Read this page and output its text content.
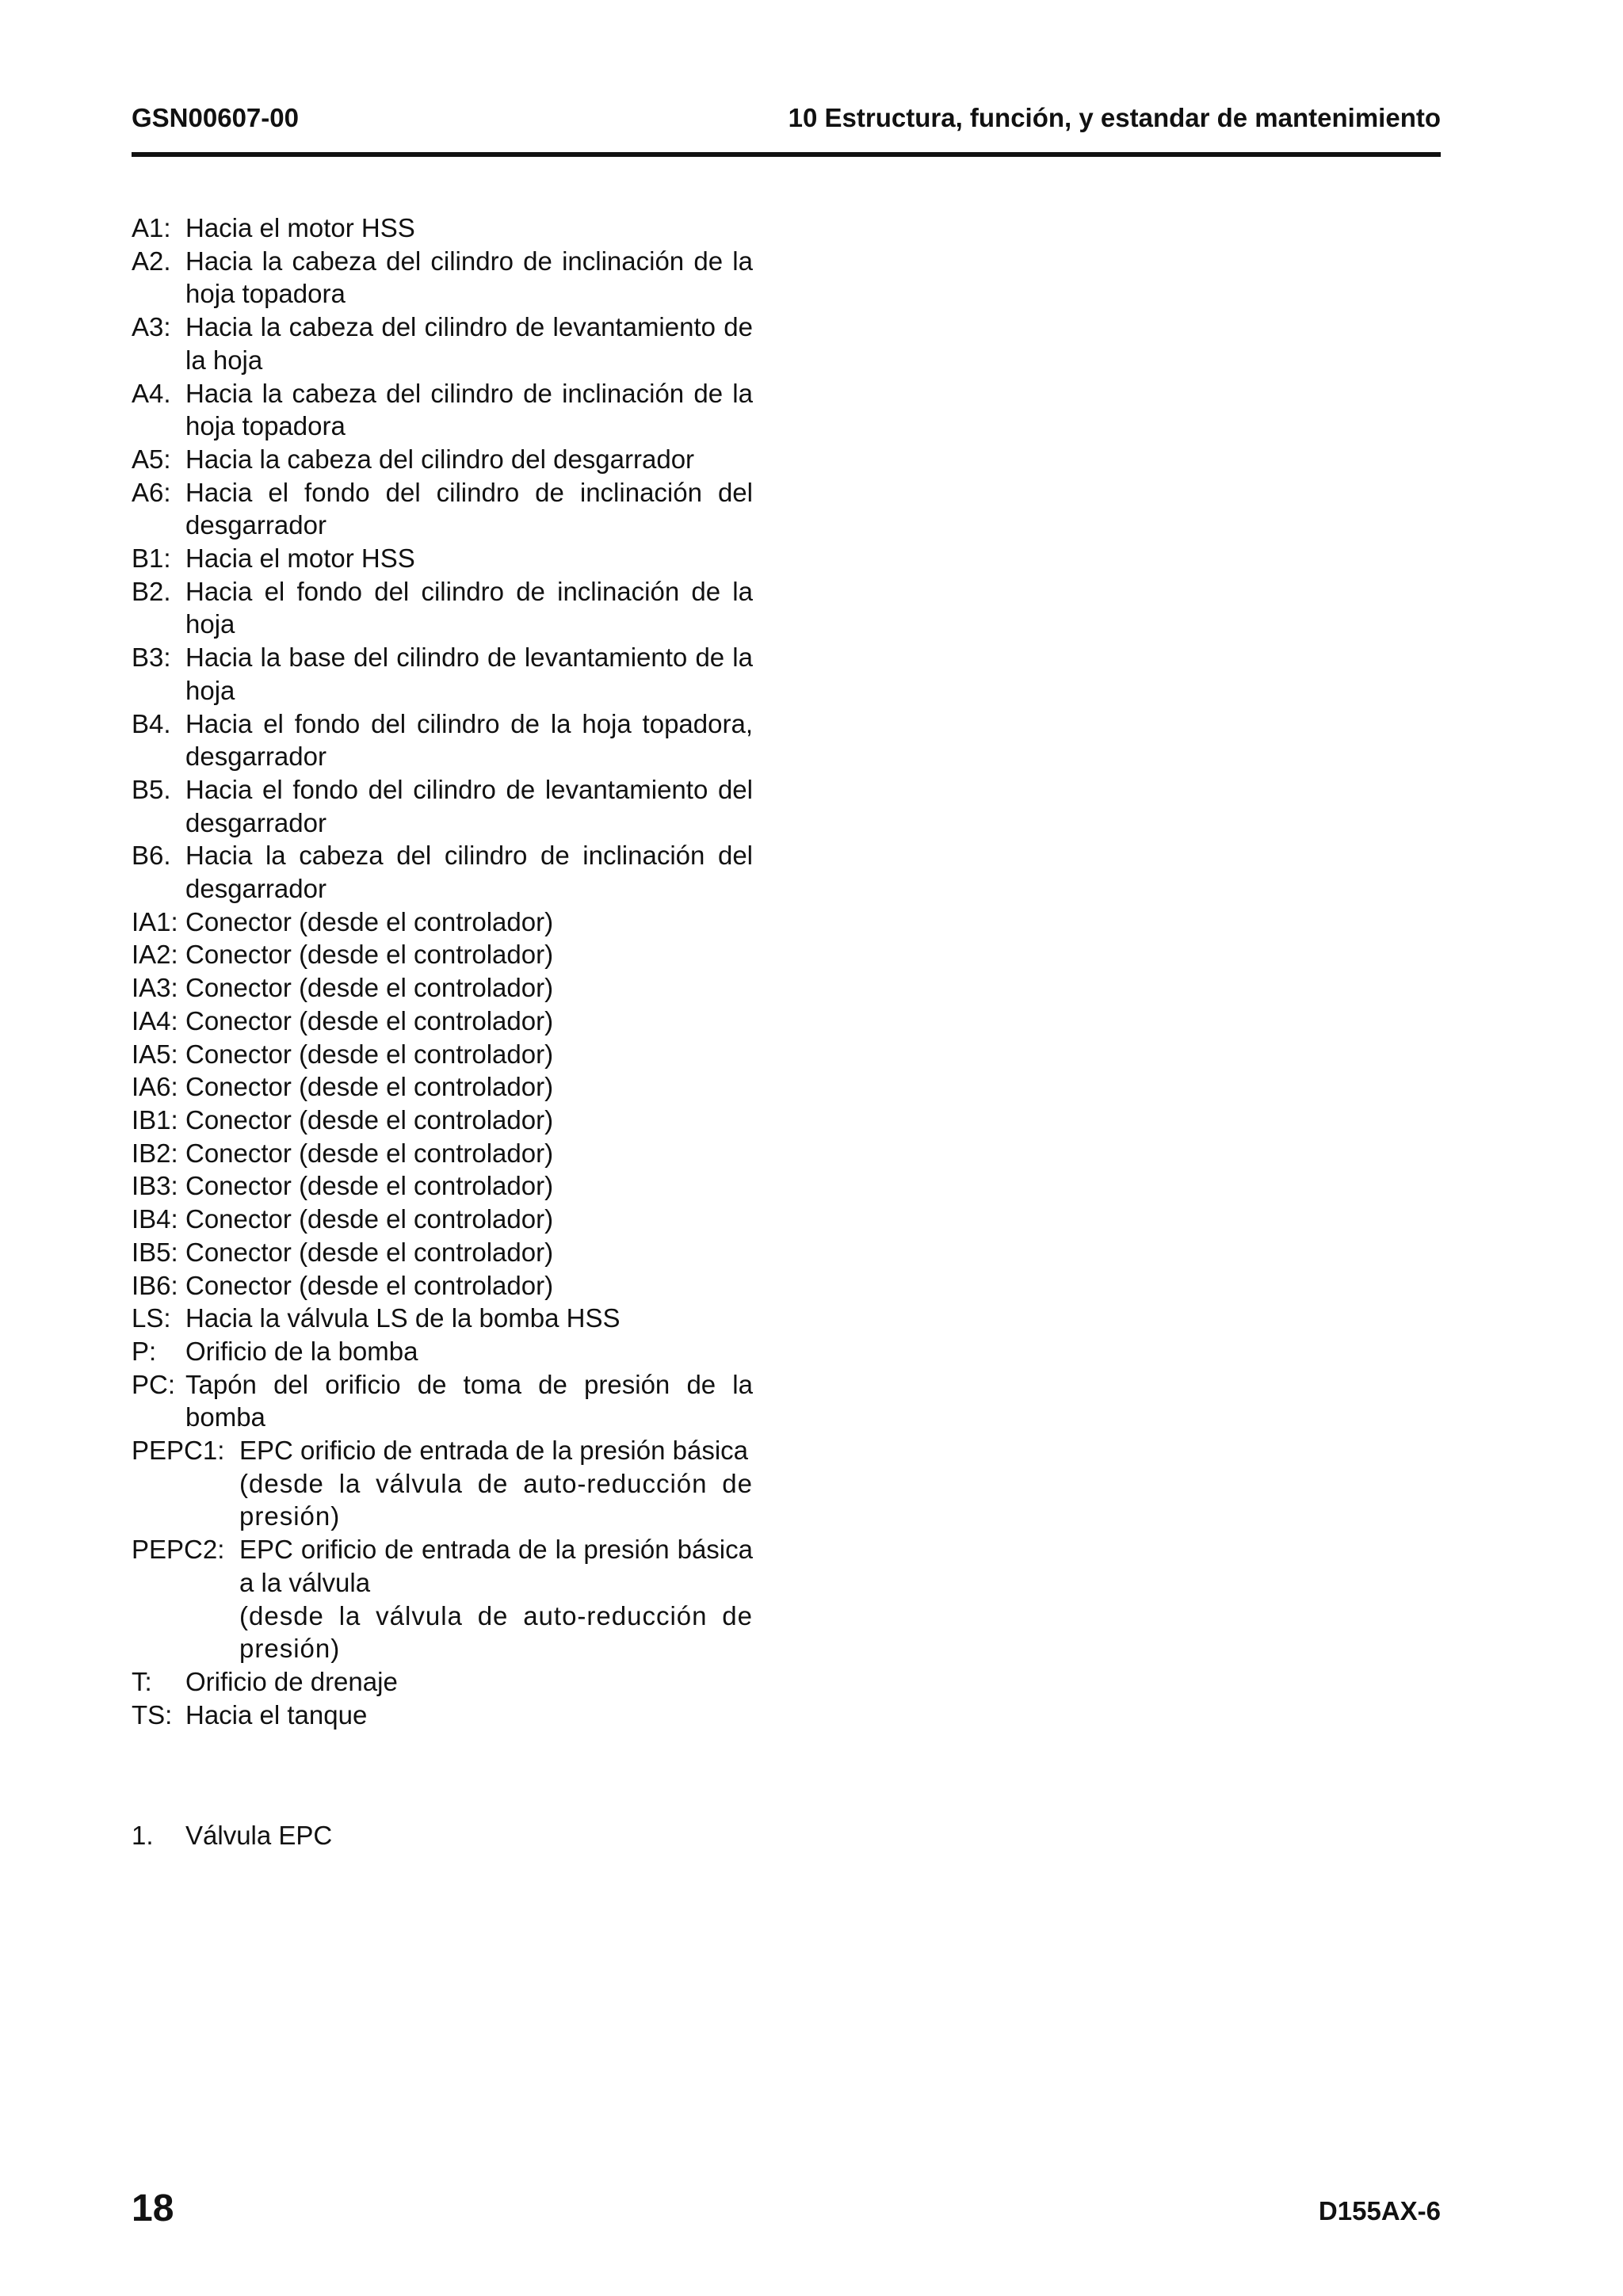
GSN00607-00	10 Estructura, función, y estandar de mantenimiento
A1: Hacia el motor HSS
A2. Hacia la cabeza del cilindro de inclinación de la hoja topadora
A3: Hacia la cabeza del cilindro de levantamiento de la hoja
A4. Hacia la cabeza del cilindro de inclinación de la hoja topadora
A5: Hacia la cabeza del cilindro del desgarrador
A6: Hacia el fondo del cilindro de inclinación del desgarrador
B1: Hacia el motor HSS
B2. Hacia el fondo del cilindro de inclinación de la hoja
B3: Hacia la base del cilindro de levantamiento de la hoja
B4. Hacia el fondo del cilindro de la hoja topadora, desgarrador
B5. Hacia el fondo del cilindro de levantamiento del desgarrador
B6. Hacia la cabeza del cilindro de inclinación del desgarrador
IA1: Conector (desde el controlador)
IA2: Conector (desde el controlador)
IA3: Conector (desde el controlador)
IA4: Conector (desde el controlador)
IA5: Conector (desde el controlador)
IA6: Conector (desde el controlador)
IB1: Conector (desde el controlador)
IB2: Conector (desde el controlador)
IB3: Conector (desde el controlador)
IB4: Conector (desde el controlador)
IB5: Conector (desde el controlador)
IB6: Conector (desde el controlador)
LS: Hacia la válvula LS de la bomba HSS
P: Orificio de la bomba
PC: Tapón del orificio de toma de presión de la bomba
PEPC1: EPC orificio de entrada de la presión básica
(desde la válvula de auto-reducción de presión)
PEPC2: EPC orificio de entrada de la presión básica a la válvula
(desde la válvula de auto-reducción de presión)
T: Orificio de drenaje
TS: Hacia el tanque
1. Válvula EPC
18	D155AX-6
